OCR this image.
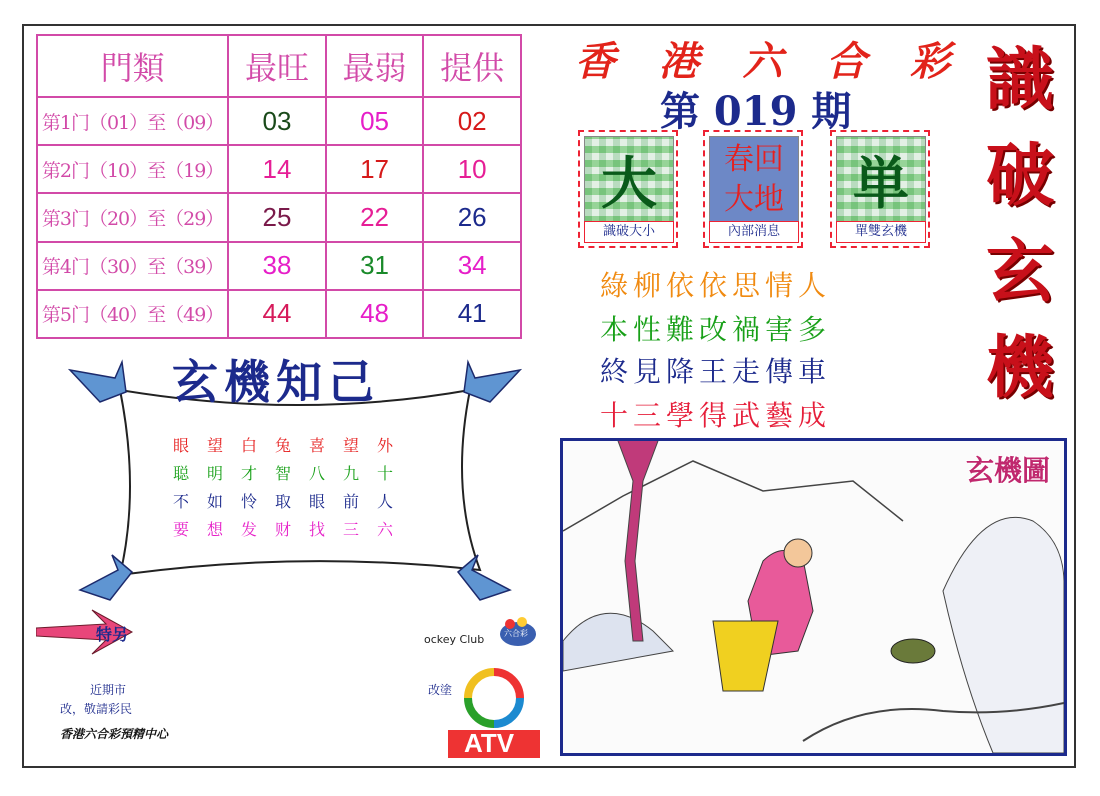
門類	最旺	最弱	提供
第1门（01）至（09）	03	05	02
第2门（10）至（19）	14	17	10
第3门（20）至（29）	25	22	26
第4门（30）至（39）	38	31	34
第5门（40）至（49）	44	48	41
香 港 六 合 彩
第 019 期 識
破
玄
機
大
識破大小
春回
大地
內部消息
単
單雙玄機
綠柳依依思情人
本性難改禍害多
終見降王走傳車
十三學得武藝成
玄機知己
眼	望	白	兔	喜	望	外
聪	明	才	智	八	九	十
不	如	怜	取	眼	前	人
要	想	发	财	找	三	六
特另
近期市	改塗
改，敬請彩民
香港六合彩預精中心
ockey Club 六合彩
ATV
玄機圖
